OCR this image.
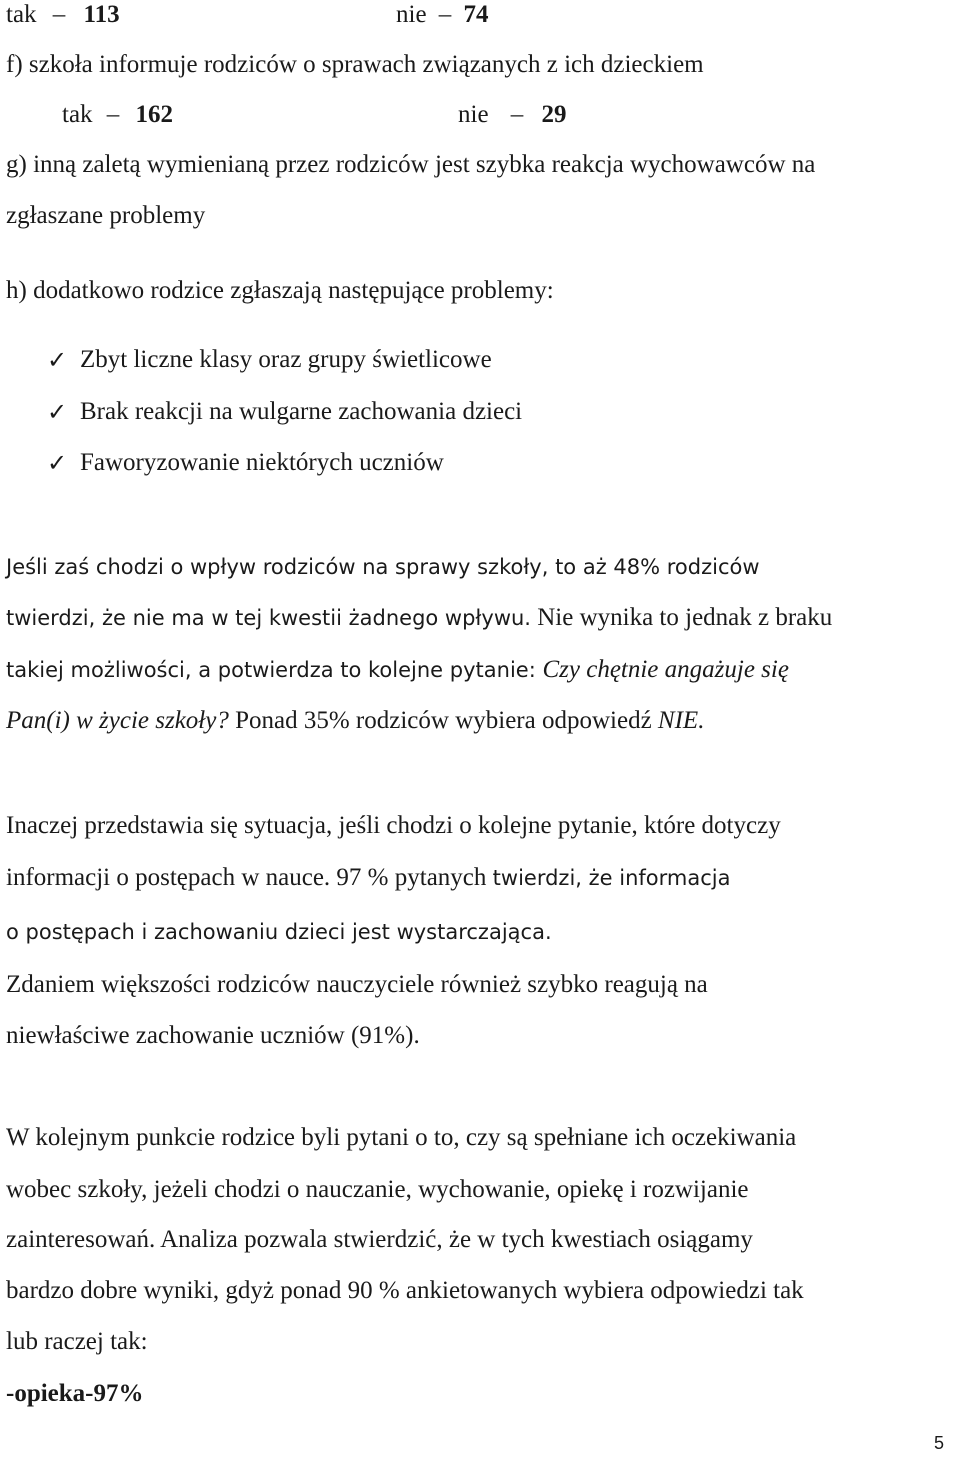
tak – 113	nie – 74
f) szkoła informuje rodziców o sprawach związanych z ich dzieckiem
tak – 162	nie – 29
g) inną zaletą wymienianą przez rodziców jest szybka reakcja wychowawców na
zgłaszane problemy
h) dodatkowo rodzice zgłaszają następujące problemy:
✓ Zbyt liczne klasy oraz grupy świetlicowe
✓ Brak reakcji na wulgarne zachowania dzieci
✓ Faworyzowanie niektórych uczniów
Jeśli zaś chodzi o wpływ rodziców na sprawy szkoły, to aż 48% rodziców
twierdzi, że nie ma w tej kwestii żadnego wpływu. Nie wynika to jednak z braku
takiej możliwości, a potwierdza to kolejne pytanie: Czy chętnie angażuje się
Pan(i) w życie szkoły? Ponad 35% rodziców wybiera odpowiedź NIE.
Inaczej przedstawia się sytuacja, jeśli chodzi o kolejne pytanie, które dotyczy
informacji o postępach w nauce. 97 % pytanych twierdzi, że informacja
o postępach i zachowaniu dzieci jest wystarczająca.
Zdaniem większości rodziców nauczyciele również szybko reagują na
niewłaściwe zachowanie uczniów (91%).
W kolejnym punkcie rodzice byli pytani o to, czy są spełniane ich oczekiwania
wobec szkoły, jeżeli chodzi o nauczanie, wychowanie, opiekę i rozwijanie
zainteresowań. Analiza pozwala stwierdzić, że w tych kwestiach osiągamy
bardzo dobre wyniki, gdyż ponad 90 % ankietowanych wybiera odpowiedzi tak
lub raczej tak:
-opieka-97%
5
